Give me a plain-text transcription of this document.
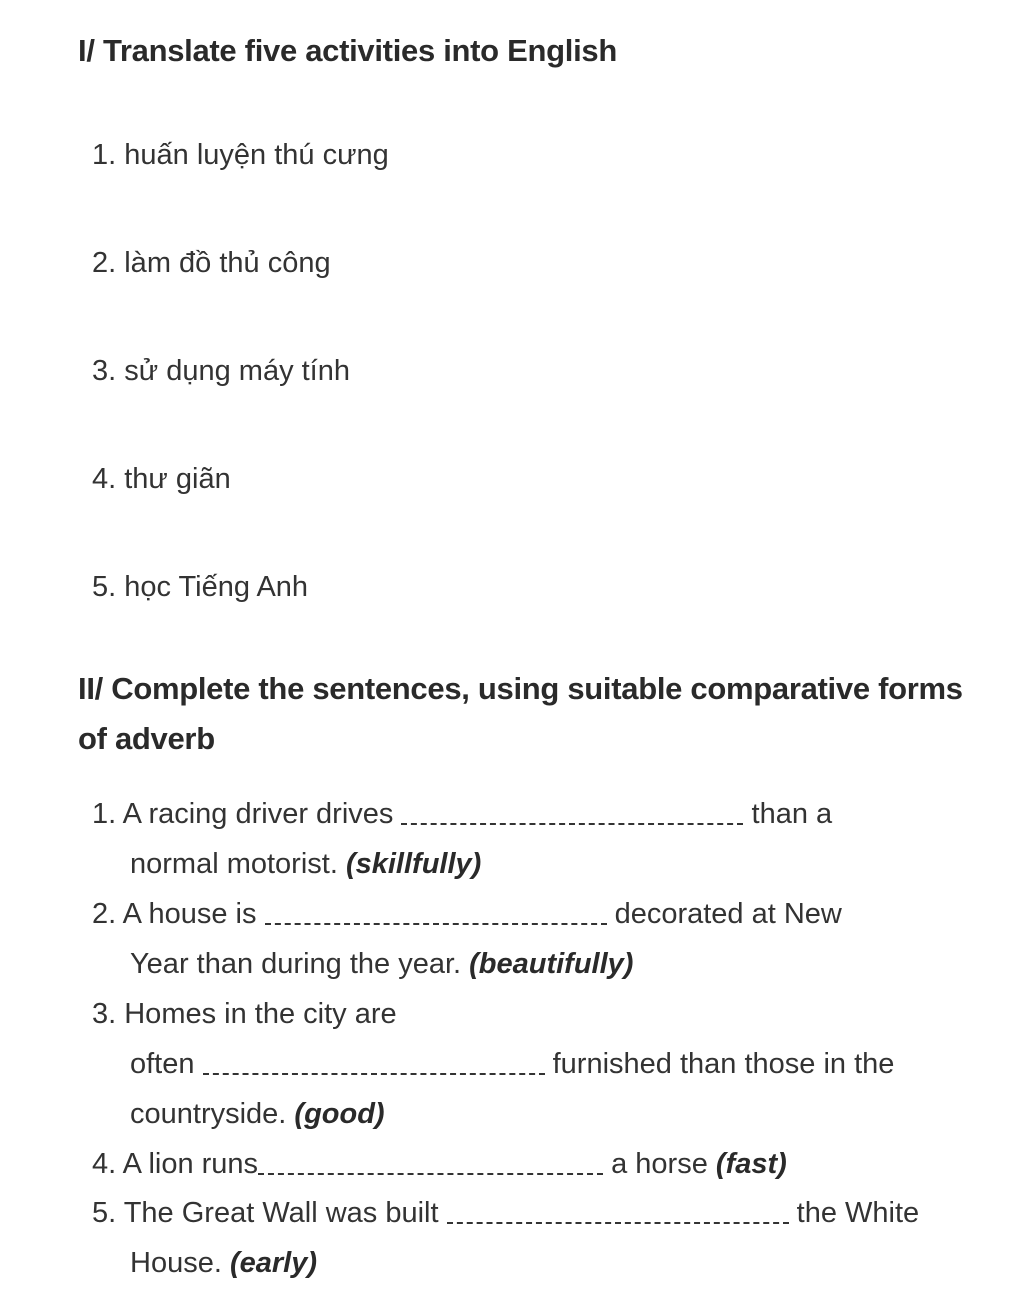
I/ Translate five activities into English
1. huấn luyện thú cưng
2. làm đồ thủ công
3. sử dụng máy tính
4. thư giãn
5. học Tiếng Anh
II/ Complete the sentences, using suitable comparative forms of adverb
1. A racing driver drives	than a
normal motorist. (skillfully)
2. A house is	decorated at New
Year than during the year. (beautifully)
3. Homes in the city are
often	furnished than those in the
countryside. (good)
4. A lion runs	a horse (fast)
5. The Great Wall was built	the White
House. (early)
